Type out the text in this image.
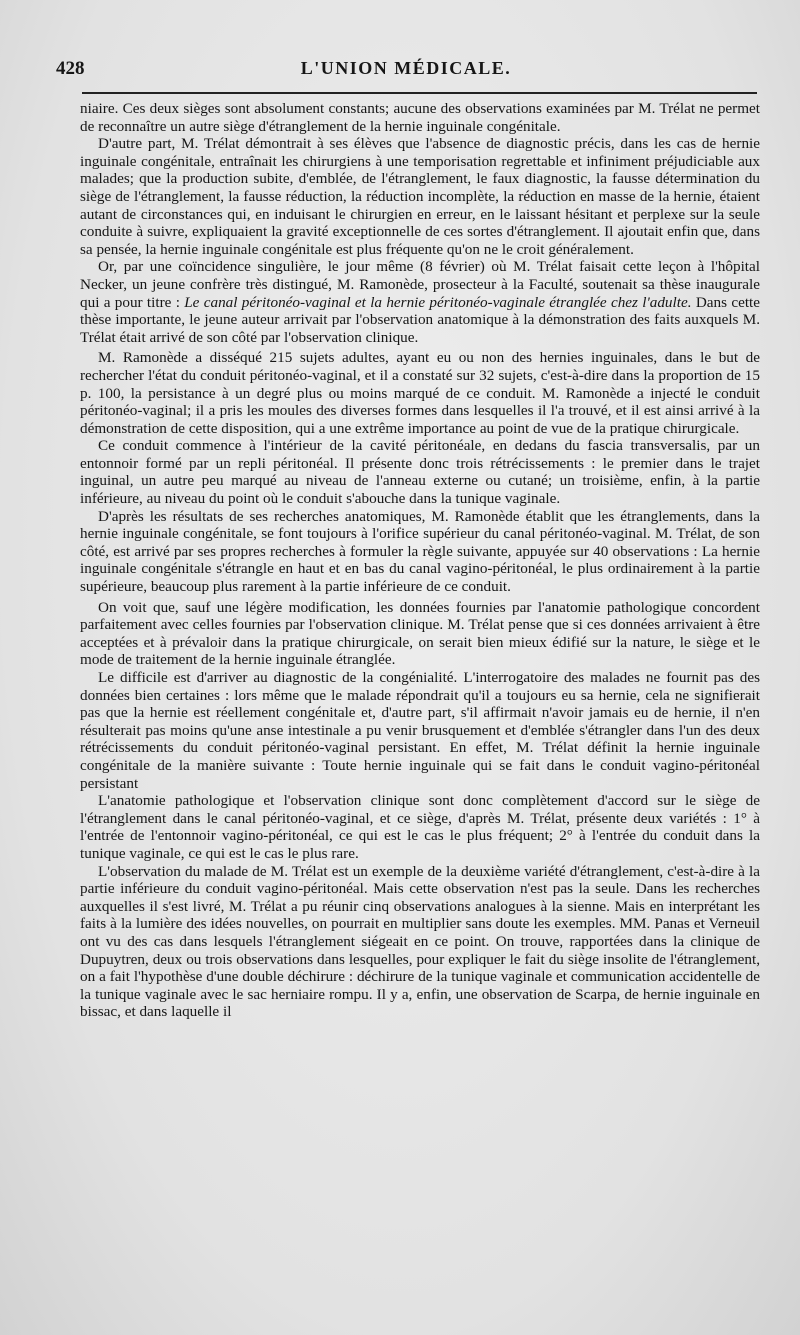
428	L'UNION MÉDICALE.

niaire. Ces deux sièges sont absolument constants; aucune des observations examinées par M. Trélat ne permet de reconnaître un autre siège d'étranglement de la hernie inguinale congénitale.

D'autre part, M. Trélat démontrait à ses élèves que l'absence de diagnostic précis, dans les cas de hernie inguinale congénitale, entraînait les chirurgiens à une temporisation regrettable et infiniment préjudiciable aux malades; que la production subite, d'emblée, de l'étranglement, le faux diagnostic, la fausse détermination du siège de l'étranglement, la fausse réduction, la réduction incomplète, la réduction en masse de la hernie, étaient autant de circonstances qui, en induisant le chirurgien en erreur, en le laissant hésitant et perplexe sur la seule conduite à suivre, expliquaient la gravité exceptionnelle de ces sortes d'étranglement. Il ajoutait enfin que, dans sa pensée, la hernie inguinale congénitale est plus fréquente qu'on ne le croit généralement.

Or, par une coïncidence singulière, le jour même (8 février) où M. Trélat faisait cette leçon à l'hôpital Necker, un jeune confrère très distingué, M. Ramonède, prosecteur à la Faculté, soutenait sa thèse inaugurale qui a pour titre : Le canal péritonéo-vaginal et la hernie péritonéo-vaginale étranglée chez l'adulte. Dans cette thèse importante, le jeune auteur arrivait par l'observation anatomique à la démonstration des faits auxquels M. Trélat était arrivé de son côté par l'observation clinique.

M. Ramonède a disséqué 215 sujets adultes, ayant eu ou non des hernies inguinales, dans le but de rechercher l'état du conduit péritonéo-vaginal, et il a constaté sur 32 sujets, c'est-à-dire dans la proportion de 15 p. 100, la persistance à un degré plus ou moins marqué de ce conduit. M. Ramonède a injecté le conduit péritonéo-vaginal; il a pris les moules des diverses formes dans lesquelles il l'a trouvé, et il est ainsi arrivé à la démonstration de cette disposition, qui a une extrême importance au point de vue de la pratique chirurgicale.

Ce conduit commence à l'intérieur de la cavité péritonéale, en dedans du fascia transversalis, par un entonnoir formé par un repli péritonéal. Il présente donc trois rétrécissements : le premier dans le trajet inguinal, un autre peu marqué au niveau de l'anneau externe ou cutané; un troisième, enfin, à la partie inférieure, au niveau du point où le conduit s'abouche dans la tunique vaginale.

D'après les résultats de ses recherches anatomiques, M. Ramonède établit que les étranglements, dans la hernie inguinale congénitale, se font toujours à l'orifice supérieur du canal péritonéo-vaginal. M. Trélat, de son côté, est arrivé par ses propres recherches à formuler la règle suivante, appuyée sur 40 observations : La hernie inguinale congénitale s'étrangle en haut et en bas du canal vagino-péritonéal, le plus ordinairement à la partie supérieure, beaucoup plus rarement à la partie inférieure de ce conduit.

On voit que, sauf une légère modification, les données fournies par l'anatomie pathologique concordent parfaitement avec celles fournies par l'observation clinique. M. Trélat pense que si ces données arrivaient à être acceptées et à prévaloir dans la pratique chirurgicale, on serait bien mieux édifié sur la nature, le siège et le mode de traitement de la hernie inguinale étranglée.

Le difficile est d'arriver au diagnostic de la congénialité. L'interrogatoire des malades ne fournit pas des données bien certaines : lors même que le malade répondrait qu'il a toujours eu sa hernie, cela ne signifierait pas que la hernie est réellement congénitale et, d'autre part, s'il affirmait n'avoir jamais eu de hernie, il n'en résulterait pas moins qu'une anse intestinale a pu venir brusquement et d'emblée s'étrangler dans l'un des deux rétrécissements du conduit péritonéo-vaginal persistant. En effet, M. Trélat définit la hernie inguinale congénitale de la manière suivante : Toute hernie inguinale qui se fait dans le conduit vagino-péritonéal persistant

L'anatomie pathologique et l'observation clinique sont donc complètement d'accord sur le siège de l'étranglement dans le canal péritonéo-vaginal, et ce siège, d'après M. Trélat, présente deux variétés : 1° à l'entrée de l'entonnoir vagino-péritonéal, ce qui est le cas le plus fréquent; 2° à l'entrée du conduit dans la tunique vaginale, ce qui est le cas le plus rare.

L'observation du malade de M. Trélat est un exemple de la deuxième variété d'étranglement, c'est-à-dire à la partie inférieure du conduit vagino-péritonéal. Mais cette observation n'est pas la seule. Dans les recherches auxquelles il s'est livré, M. Trélat a pu réunir cinq observations analogues à la sienne. Mais en interprétant les faits à la lumière des idées nouvelles, on pourrait en multiplier sans doute les exemples. MM. Panas et Verneuil ont vu des cas dans lesquels l'étranglement siégeait en ce point. On trouve, rapportées dans la clinique de Dupuytren, deux ou trois observations dans lesquelles, pour expliquer le fait du siège insolite de l'étranglement, on a fait l'hypothèse d'une double déchirure : déchirure de la tunique vaginale et communication accidentelle de la tunique vaginale avec le sac herniaire rompu. Il y a, enfin, une observation de Scarpa, de hernie inguinale en bissac, et dans laquelle il
